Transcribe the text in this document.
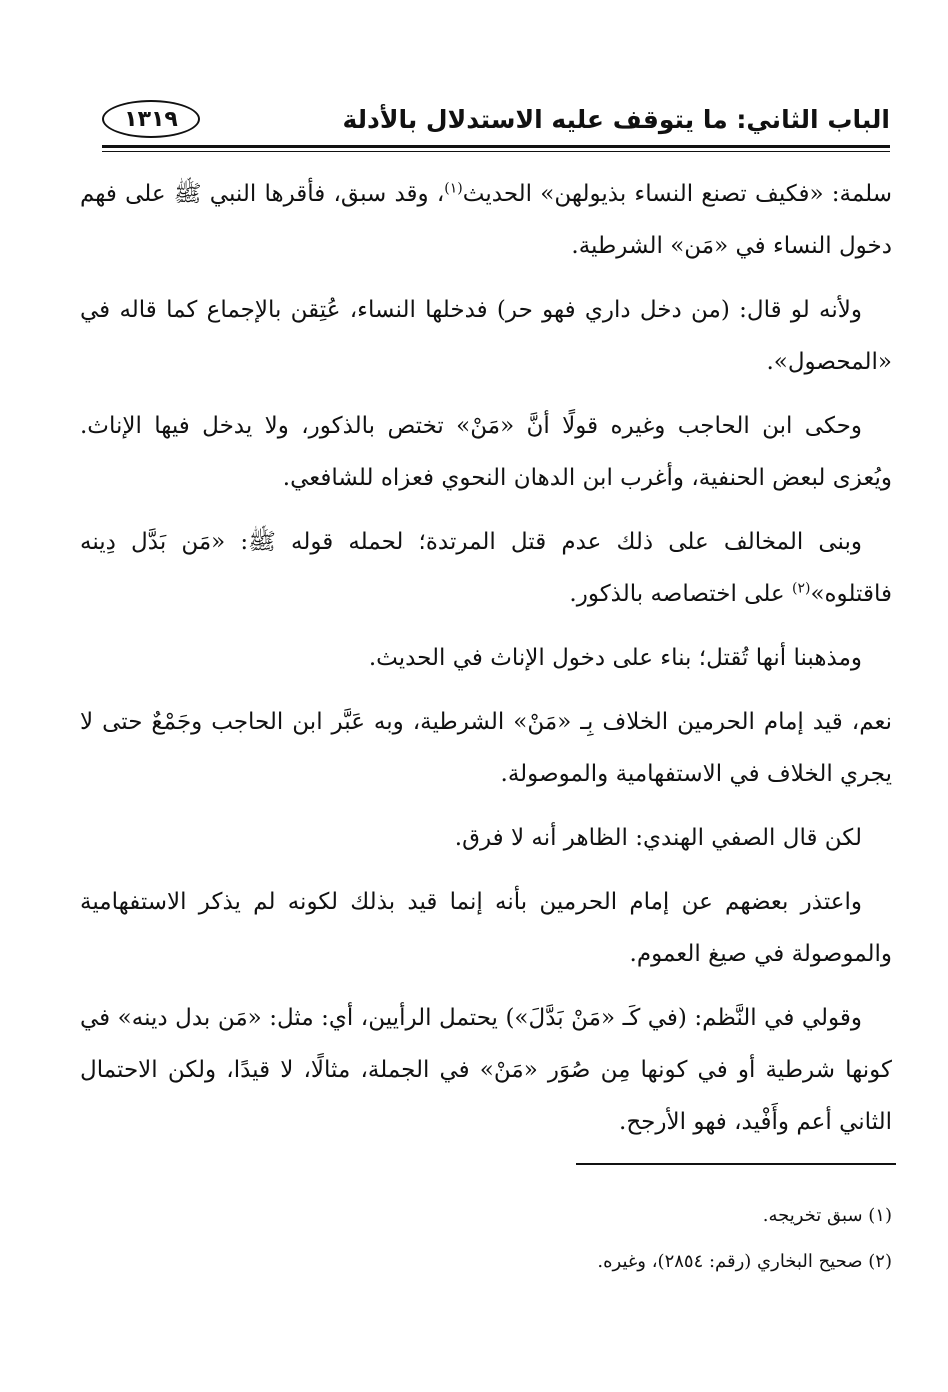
الباب الثاني: ما يتوقف عليه الاستدلال بالأدلة
١٣١٩

سلمة: «فكيف تصنع النساء بذيولهن» الحديث$^{(١)}$، وقد سبق، فأقرها النبي ﷺ على فهم دخول النساء في «مَن» الشرطية.

ولأنه لو قال: (من دخل داري فهو حر) فدخلها النساء، عُتِقن بالإجماع كما قاله في «المحصول».

وحكى ابن الحاجب وغيره قولًا أنَّ «مَنْ» تختص بالذكور، ولا يدخل فيها الإناث. ويُعزى لبعض الحنفية، وأغرب ابن الدهان النحوي فعزاه للشافعي.

وبنى المخالف على ذلك عدم قتل المرتدة؛ لحمله قوله ﷺ: «مَن بَدَّل دِينه فاقتلوه»$^{(٢)}$ على اختصاصه بالذكور.

ومذهبنا أنها تُقتل؛ بناء على دخول الإناث في الحديث.

نعم، قيد إمام الحرمين الخلاف بِـ «مَنْ» الشرطية، وبه عَبَّر ابن الحاجب وجَمْعٌ حتى لا يجري الخلاف في الاستفهامية والموصولة.

لكن قال الصفي الهندي: الظاهر أنه لا فرق.

واعتذر بعضهم عن إمام الحرمين بأنه إنما قيد بذلك لكونه لم يذكر الاستفهامية والموصولة في صيغ العموم.

وقولي في النَّظم: (في كَـ «مَنْ بَدَّلَ») يحتمل الرأيين، أي: مثل: «مَن بدل دينه» في كونها شرطية أو في كونها مِن صُوَر «مَنْ» في الجملة، مثالًا، لا قيدًا، ولكن الاحتمال الثاني أعم وأَفْيد، فهو الأرجح.

(١) سبق تخريجه.

(٢) صحيح البخاري (رقم: ٢٨٥٤)، وغيره.
